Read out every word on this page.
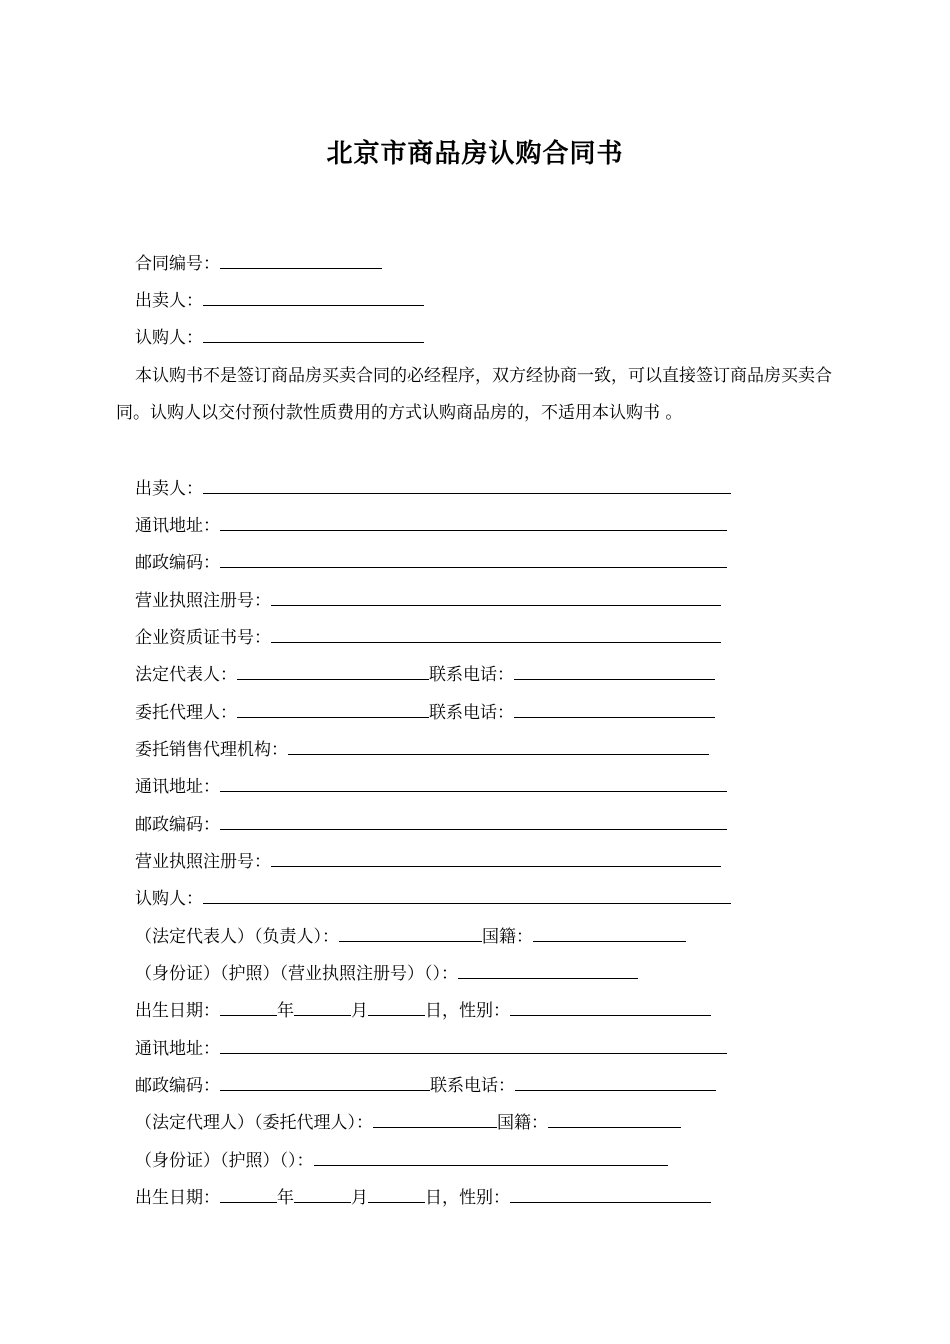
北京市商品房认购合同书
合同编号：
出卖人：
认购人：

本认购书不是签订商品房买卖合同的必经程序，双方经协商一致，可以直接签订商品房买卖合同。认购人以交付预付款性质费用的方式认购商品房的，不适用本认购书 。

出卖人：
通讯地址：
邮政编码：
营业执照注册号：
企业资质证书号：
法定代表人：	联系电话：
委托代理人：	联系电话：
委托销售代理机构：
通讯地址：
邮政编码：
营业执照注册号：
认购人：
（法定代表人）（负责人）：	国籍：
（身份证）（护照）（营业执照注册号）（）：
出生日期：	年	月	日，性别：
通讯地址：
邮政编码：	联系电话：
（法定代理人）（委托代理人）：	国籍：
（身份证）（护照）（）：
出生日期：	年	月	日，性别：
